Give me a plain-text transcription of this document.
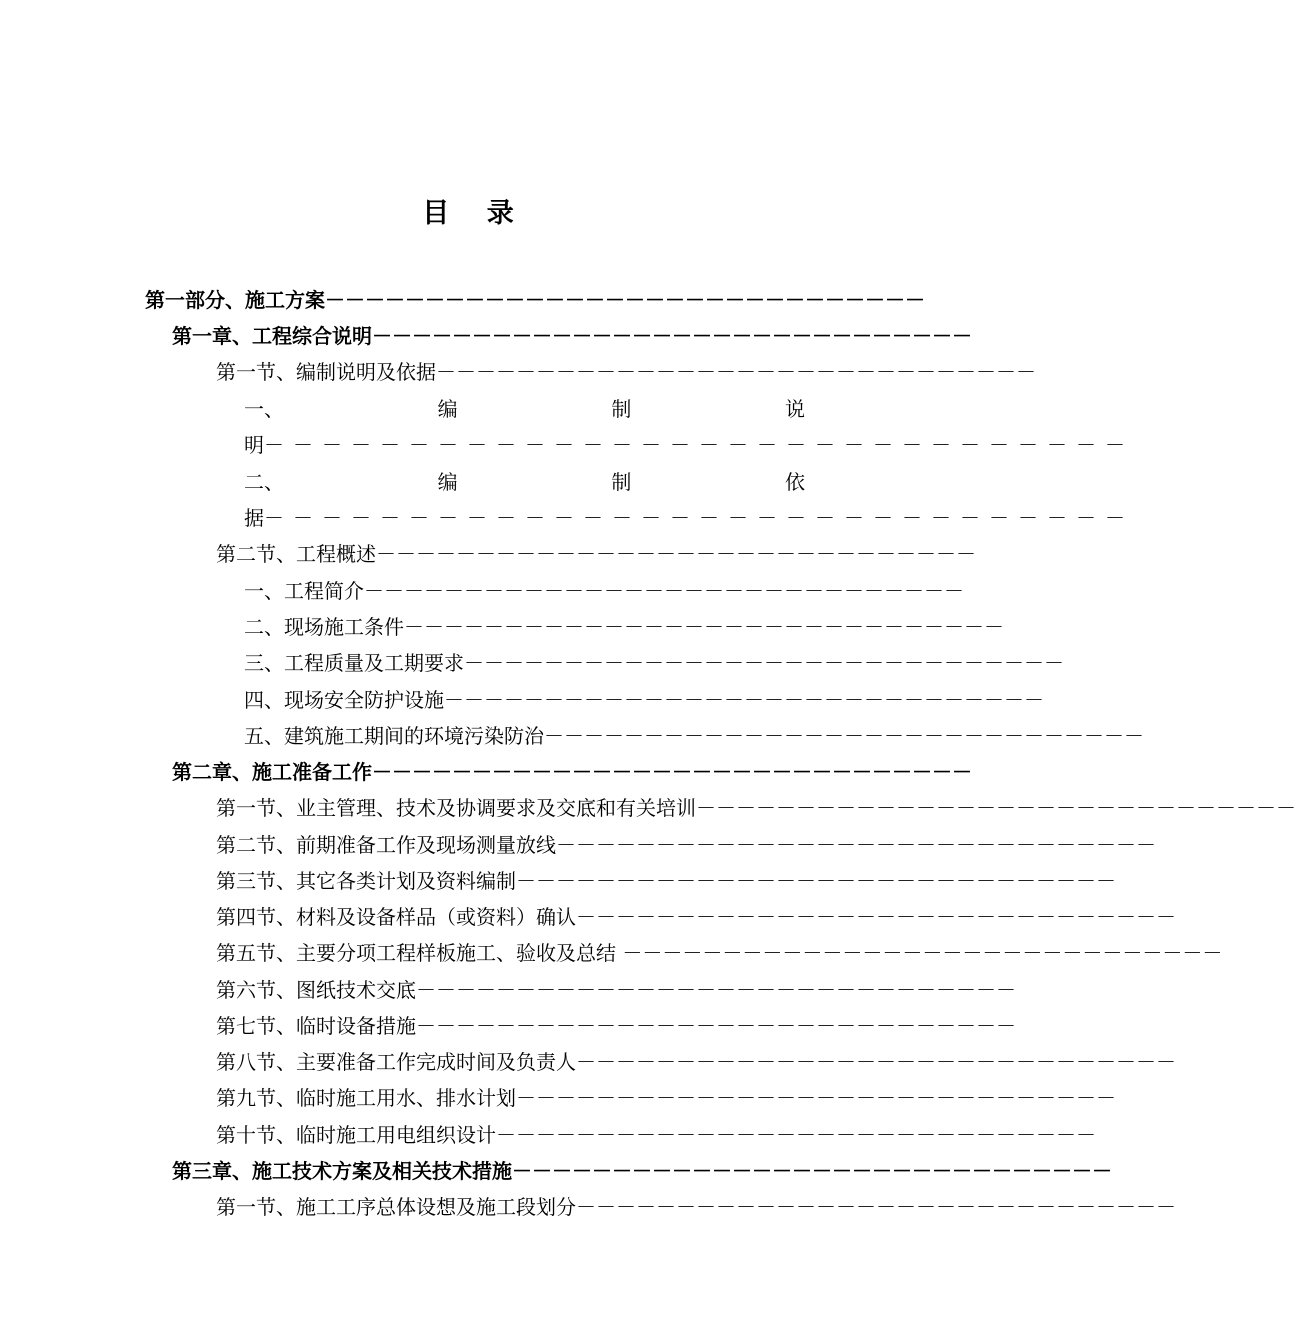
目 录
第一部分、施工方案 －－－－－－－－－－－－－－－－－－－－－－－－－－－－－－
第一章、 工程综合说明 －－－－－－－－－－－－－－－－－－－－－－－－－－－－－－
第一节、 编制说明及依据 －－－－－－－－－－－－－－－－－－－－－－－－－－－－－－
一、	编	制	说
明 －－－－－－－－－－－－－－－－－－－－－－－－－－－－－－
二、	编	制	依
据 －－－－－－－－－－－－－－－－－－－－－－－－－－－－－－
第二节、 工程概述 －－－－－－－－－－－－－－－－－－－－－－－－－－－－－－
一、 工程简介 －－－－－－－－－－－－－－－－－－－－－－－－－－－－－－
二、 现场施工条件 －－－－－－－－－－－－－－－－－－－－－－－－－－－－－－
三、 工程质量及工期要求 －－－－－－－－－－－－－－－－－－－－－－－－－－－－－－
四、 现场安全防护设施 －－－－－－－－－－－－－－－－－－－－－－－－－－－－－－
五、 建筑施工期间的环境污染防治 －－－－－－－－－－－－－－－－－－－－－－－－－－－－－－
第二章、 施工准备工作 －－－－－－－－－－－－－－－－－－－－－－－－－－－－－－
第一节、 业主管理、技术及协调要求及交底和有关培训 －－－－－－－－－－－－－－－－－－－－－－－－－－－－－－
第二节、 前期准备工作及现场测量放线 －－－－－－－－－－－－－－－－－－－－－－－－－－－－－－
第三节、 其它各类计划及资料编制 －－－－－－－－－－－－－－－－－－－－－－－－－－－－－－
第四节、 材料及设备样品（或资料）确认 －－－－－－－－－－－－－－－－－－－－－－－－－－－－－－
第五节、 主要分项工程样板施工、验收及总结 －－－－－－－－－－－－－－－－－－－－－－－－－－－－－－
第六节、 图纸技术交底 －－－－－－－－－－－－－－－－－－－－－－－－－－－－－－
第七节、 临时设备措施 －－－－－－－－－－－－－－－－－－－－－－－－－－－－－－
第八节、 主要准备工作完成时间及负责人 －－－－－－－－－－－－－－－－－－－－－－－－－－－－－－
第九节、 临时施工用水、排水计划 －－－－－－－－－－－－－－－－－－－－－－－－－－－－－－
第十节、 临时施工用电组织设计 －－－－－－－－－－－－－－－－－－－－－－－－－－－－－－
第三章、 施工技术方案及相关技术措施 －－－－－－－－－－－－－－－－－－－－－－－－－－－－－－
第一节、 施工工序总体设想及施工段划分 －－－－－－－－－－－－－－－－－－－－－－－－－－－－－－
